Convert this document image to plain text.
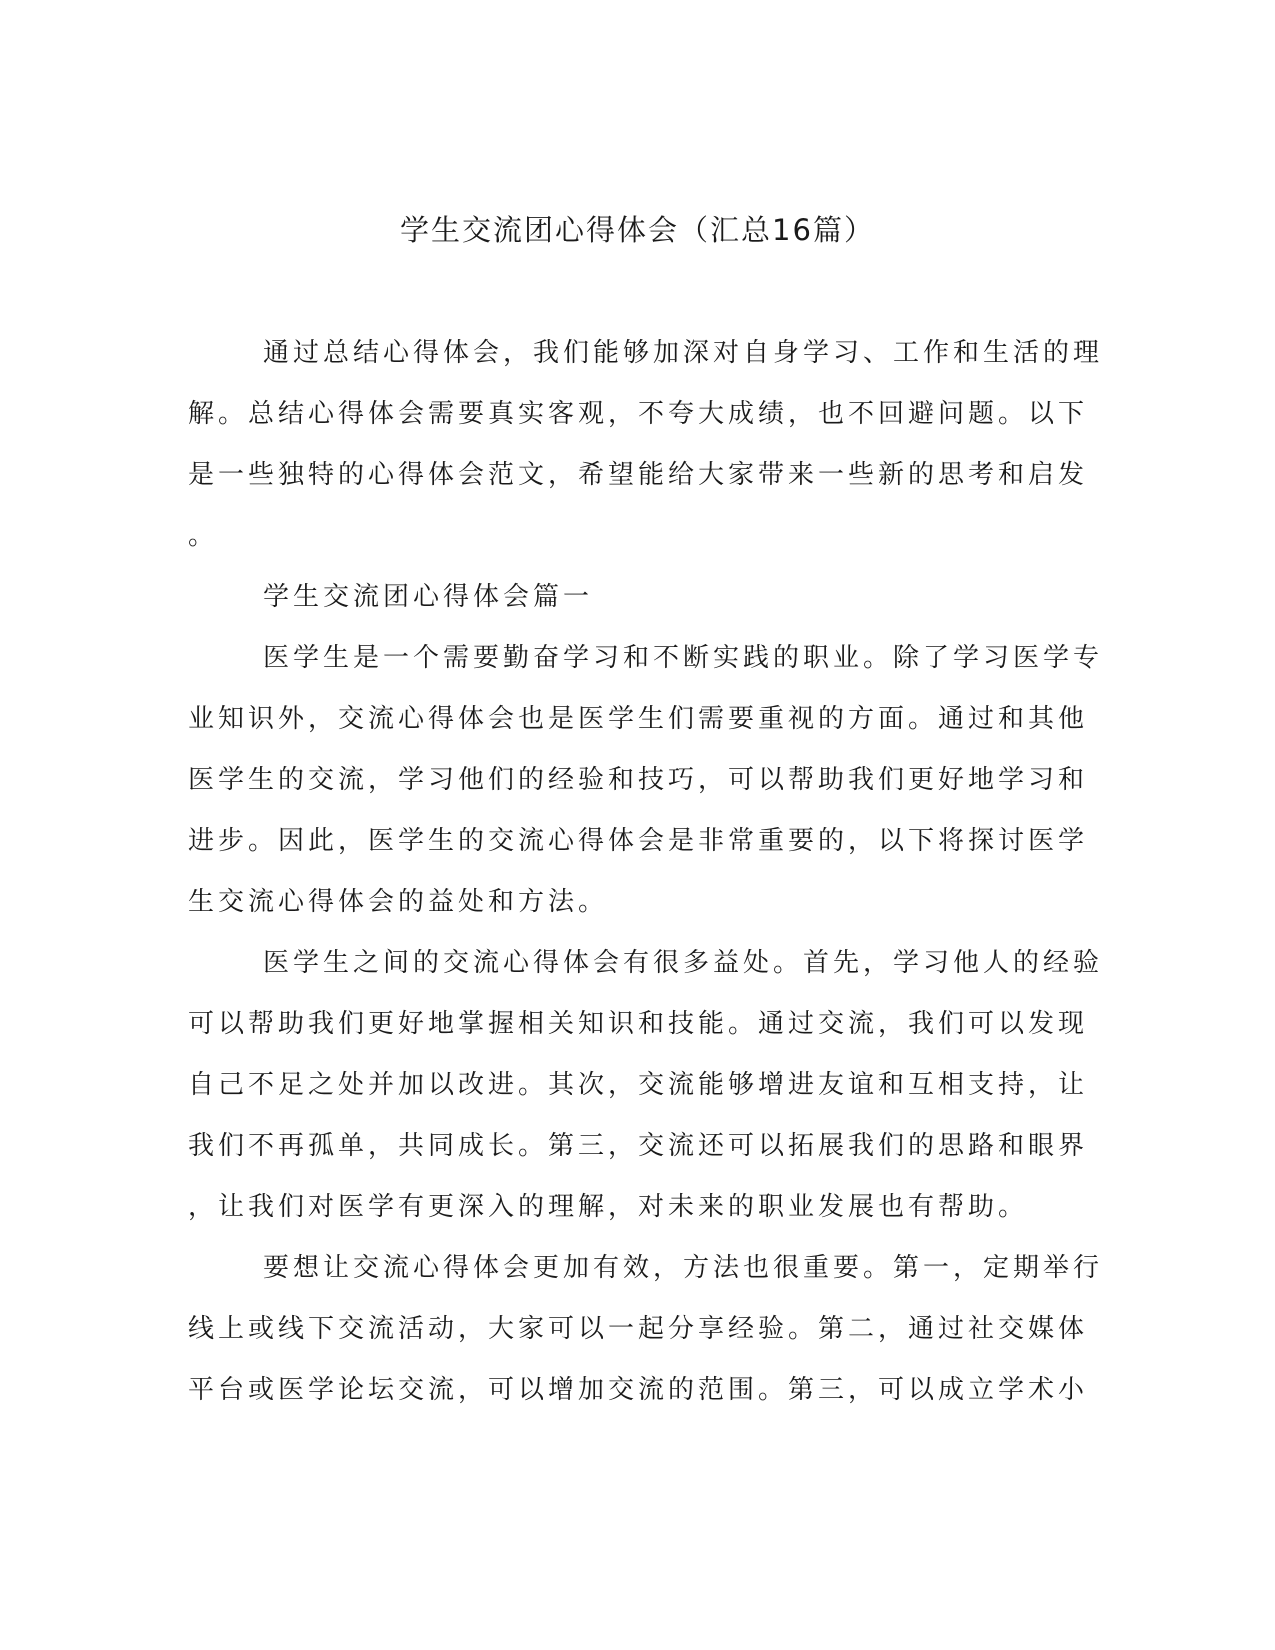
学生交流团心得体会（汇总16篇）
通过总结心得体会，我们能够加深对自身学习、工作和生活的理
解。总结心得体会需要真实客观，不夸大成绩，也不回避问题。以下
是一些独特的心得体会范文，希望能给大家带来一些新的思考和启发
。
学生交流团心得体会篇一
医学生是一个需要勤奋学习和不断实践的职业。除了学习医学专
业知识外，交流心得体会也是医学生们需要重视的方面。通过和其他
医学生的交流，学习他们的经验和技巧，可以帮助我们更好地学习和
进步。因此，医学生的交流心得体会是非常重要的，以下将探讨医学
生交流心得体会的益处和方法。
医学生之间的交流心得体会有很多益处。首先，学习他人的经验
可以帮助我们更好地掌握相关知识和技能。通过交流，我们可以发现
自己不足之处并加以改进。其次，交流能够增进友谊和互相支持，让
我们不再孤单，共同成长。第三，交流还可以拓展我们的思路和眼界
，让我们对医学有更深入的理解，对未来的职业发展也有帮助。
要想让交流心得体会更加有效，方法也很重要。第一，定期举行
线上或线下交流活动，大家可以一起分享经验。第二，通过社交媒体
平台或医学论坛交流，可以增加交流的范围。第三，可以成立学术小
